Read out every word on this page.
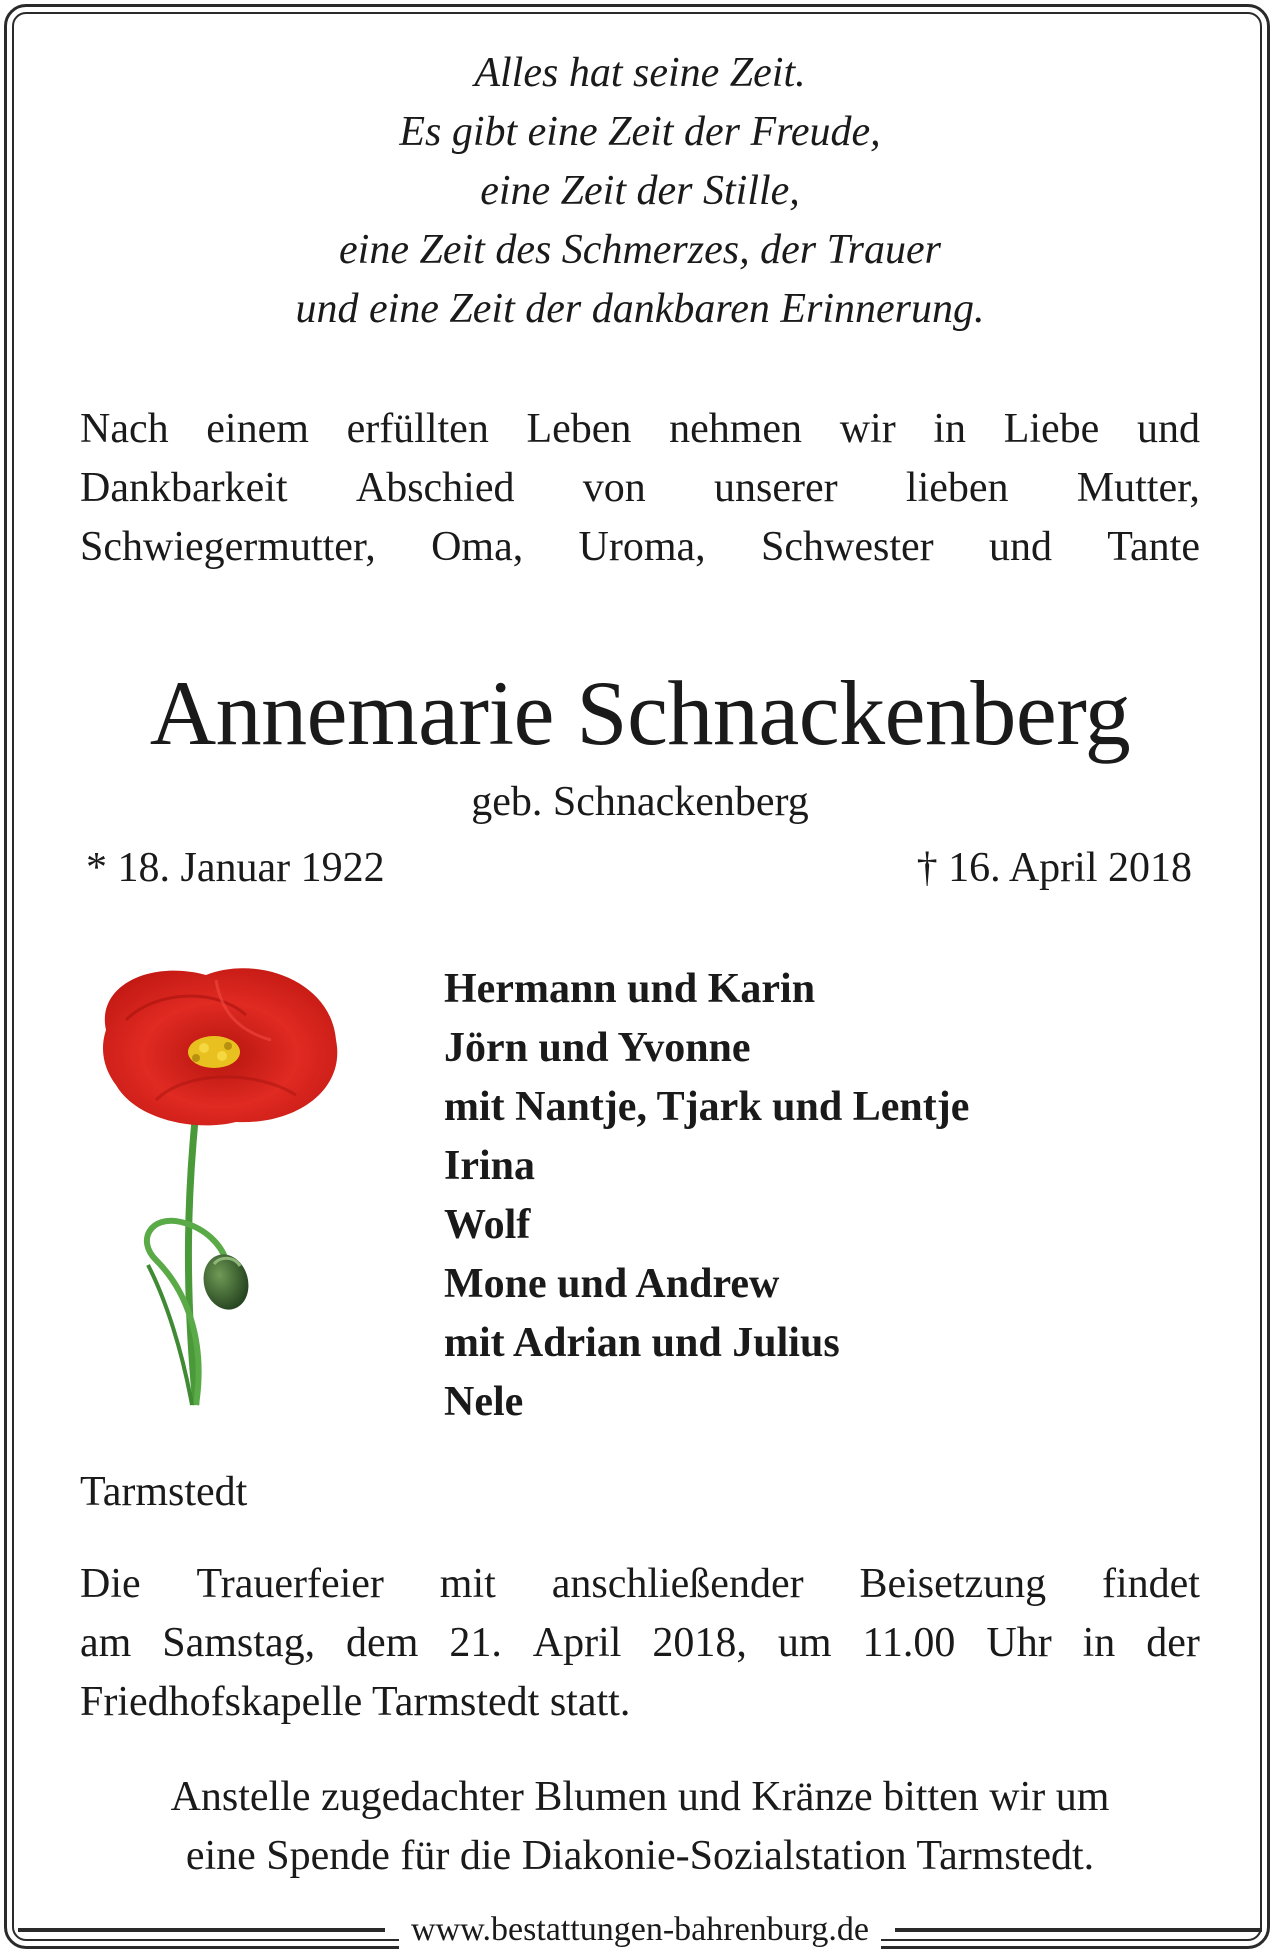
Alles hat seine Zeit.
Es gibt eine Zeit der Freude,
eine Zeit der Stille,
eine Zeit des Schmerzes, der Trauer
und eine Zeit der dankbaren Erinnerung.
Nach einem erfüllten Leben nehmen wir in Liebe und
Dankbarkeit Abschied von unserer lieben Mutter,
Schwiegermutter, Oma, Uroma, Schwester und Tante
Annemarie Schnackenberg
geb. Schnackenberg
* 18. Januar 1922	† 16. April 2018
Hermann und Karin
Jörn und Yvonne
mit Nantje, Tjark und Lentje
Irina
Wolf
Mone und Andrew
mit Adrian und Julius
Nele
Tarmstedt
Die Trauerfeier mit anschließender Beisetzung findet
am Samstag, dem 21. April 2018, um 11.00 Uhr in der
Friedhofskapelle Tarmstedt statt.
Anstelle zugedachter Blumen und Kränze bitten wir um
eine Spende für die Diakonie-Sozialstation Tarmstedt.
www.bestattungen-bahrenburg.de
